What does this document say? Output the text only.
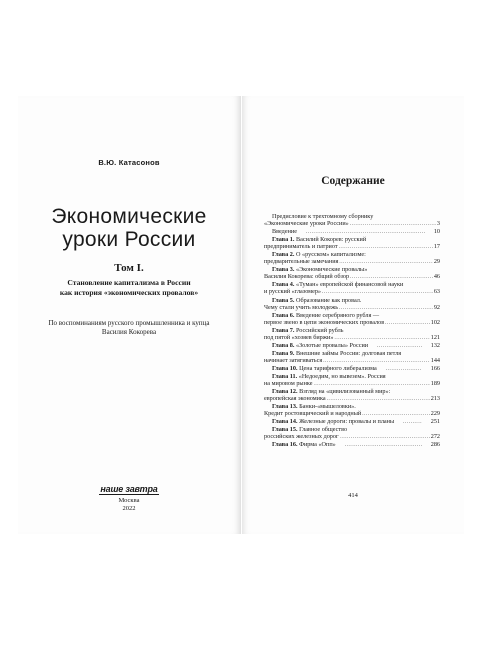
В.Ю. Катасонов
Экономические
уроки России
Том I.
Становление капитализма в России
как история «экономических провалов»
По воспоминаниям русского промышленника и купца
Василия Кокорева
наше завтра
Москва
2022
Содержание
Предисловие к трехтомному сборнику
«Экономические уроки России» . . .	3
Введение . . .	10
Глава 1. Василий Кокорев: русский
предприниматель и патриот . . .	17
Глава 2. О «русском» капитализме:
предварительные замечания . . .	29
Глава 3. «Экономические провалы»
Василия Кокорева: общий обзор . . .	46
Глава 4. «Туман» европейской финансовой науки
и русский «глазомер» . . .	63
Глава 5. Образование как провал.
Чему стали учить молодежь . . .	92
Глава 6. Введение серебряного рубля —
первое звено в цепи экономических провалов . . .	102
Глава 7. Российский рубль
под пятой «хозяев биржи» . . .	121
Глава 8. «Золотые провалы» России . . .	132
Глава 9. Внешние займы России: долговая петля
начинает затягиваться . . .	144
Глава 10. Цена тарифного либерализма . . .	166
Глава 11. «Недоедим, но вывезем». Россия
на мировом рынке . . .	189
Глава 12. Взгляд на «цивилизованный мир»:
европейская экономика . . .	213
Глава 13. Банки-«мышеловки».
Кредит ростовщический и народный . . .	229
Глава 14. Железные дороги: провалы и планы . . .	251
Глава 15. Главное общество
российских железных дорог . . .	272
Глава 16. Фирма «Опп» . . .	286
414
